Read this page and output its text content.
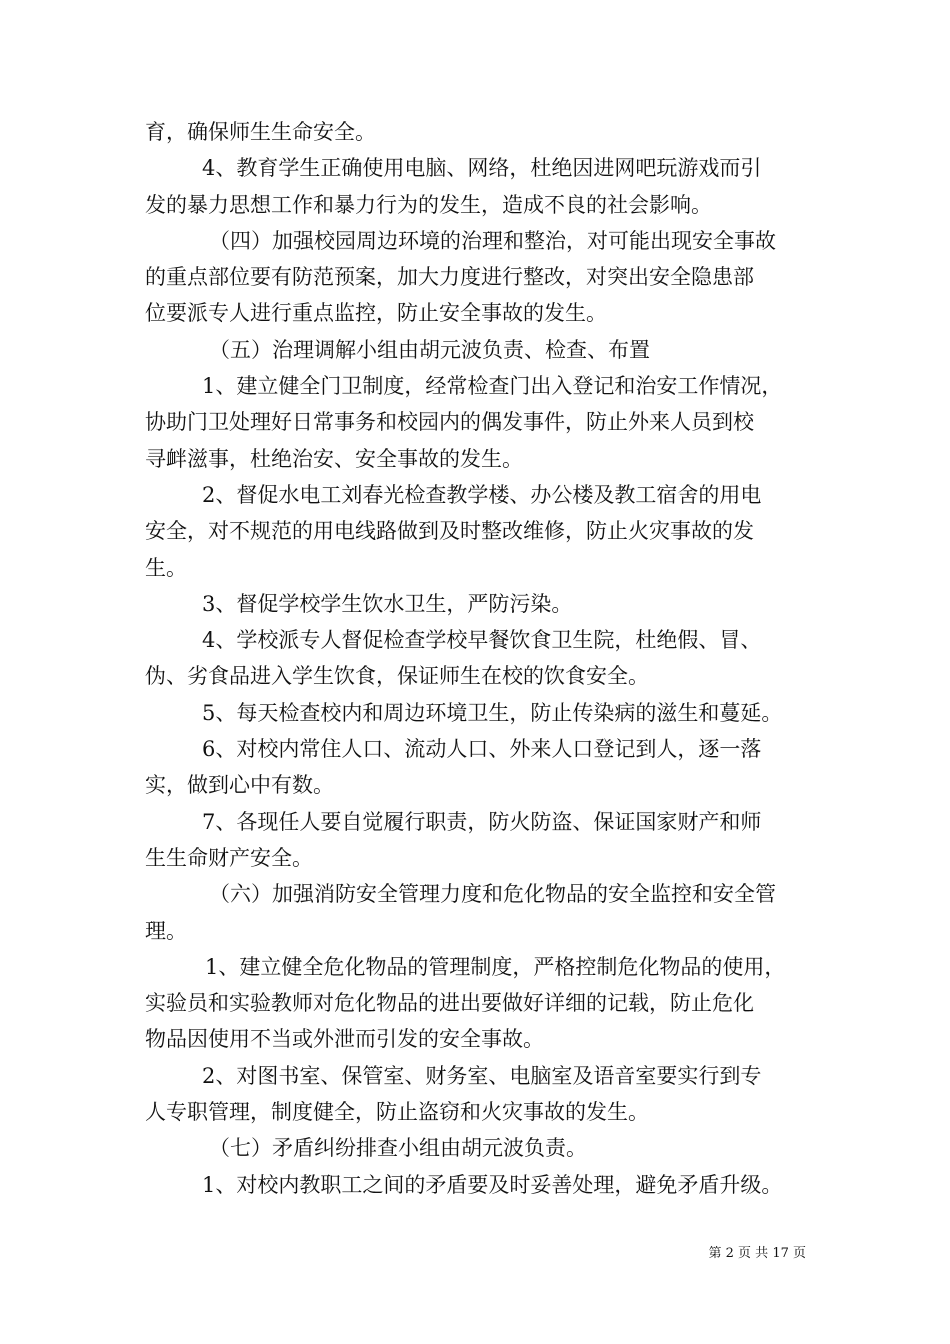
育，确保师生生命安全。
4、教育学生正确使用电脑、网络，杜绝因进网吧玩游戏而引
发的暴力思想工作和暴力行为的发生，造成不良的社会影响。
（四）加强校园周边环境的治理和整治，对可能出现安全事故
的重点部位要有防范预案，加大力度进行整改，对突出安全隐患部
位要派专人进行重点监控，防止安全事故的发生。
（五）治理调解小组由胡元波负责、检查、布置
1、建立健全门卫制度，经常检查门出入登记和治安工作情况，
协助门卫处理好日常事务和校园内的偶发事件，防止外来人员到校
寻衅滋事，杜绝治安、安全事故的发生。
2、督促水电工刘春光检查教学楼、办公楼及教工宿舍的用电
安全，对不规范的用电线路做到及时整改维修，防止火灾事故的发
生。
3、督促学校学生饮水卫生，严防污染。
4、学校派专人督促检查学校早餐饮食卫生院，杜绝假、冒、
伪、劣食品进入学生饮食，保证师生在校的饮食安全。
5、每天检查校内和周边环境卫生，防止传染病的滋生和蔓延。
6、对校内常住人口、流动人口、外来人口登记到人，逐一落
实，做到心中有数。
7、各现任人要自觉履行职责，防火防盗、保证国家财产和师
生生命财产安全。
（六）加强消防安全管理力度和危化物品的安全监控和安全管
理。
1、建立健全危化物品的管理制度，严格控制危化物品的使用，
实验员和实验教师对危化物品的进出要做好详细的记载，防止危化
物品因使用不当或外泄而引发的安全事故。
2、对图书室、保管室、财务室、电脑室及语音室要实行到专
人专职管理，制度健全，防止盗窃和火灾事故的发生。
（七）矛盾纠纷排查小组由胡元波负责。
1、对校内教职工之间的矛盾要及时妥善处理，避免矛盾升级。
第 2 页 共 17 页
